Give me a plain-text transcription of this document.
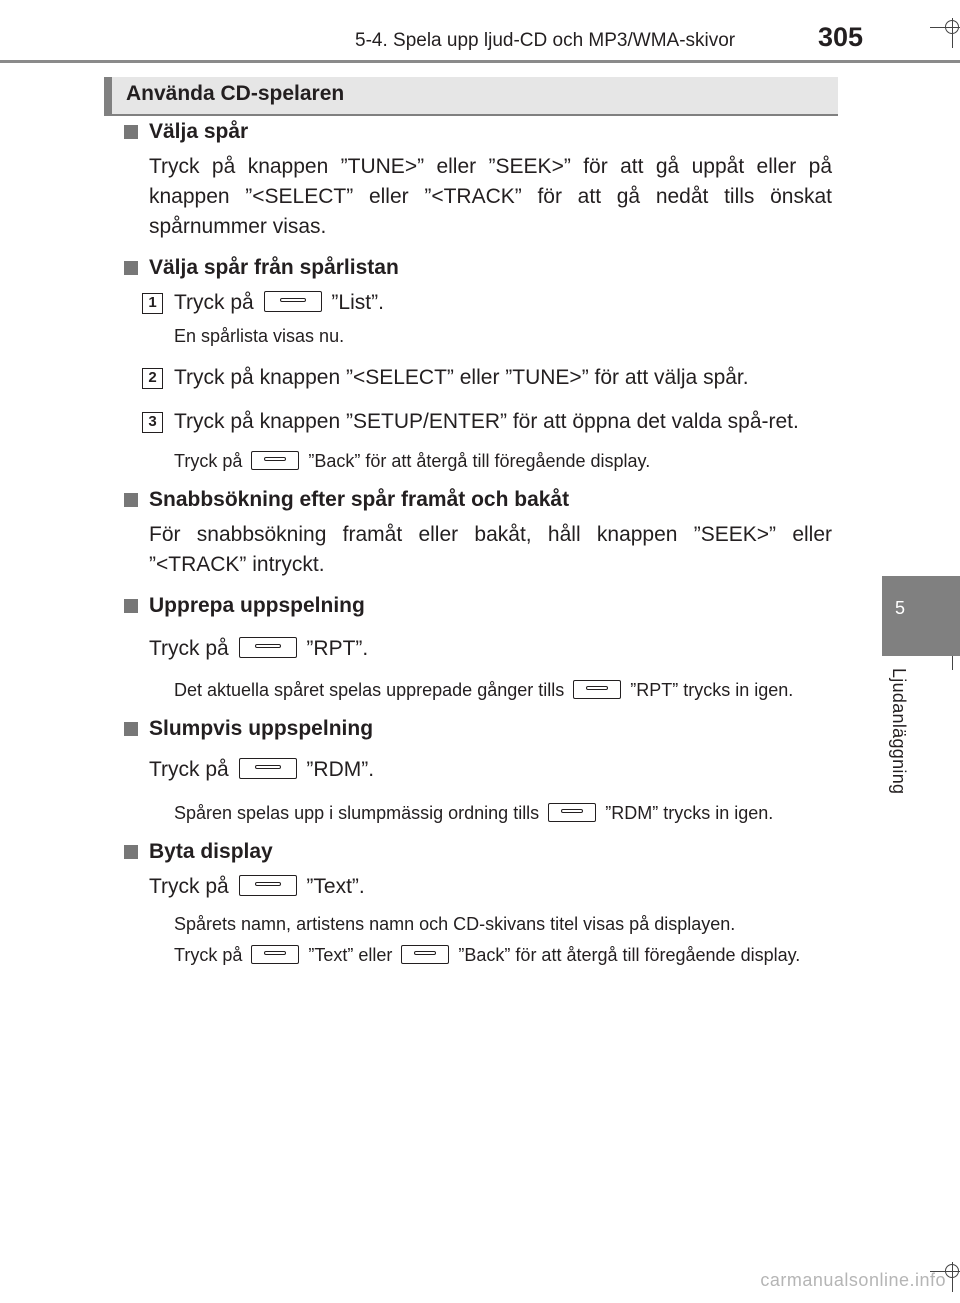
5-4. Spela upp ljud-CD och MP3/WMA-skivor	305
5
Ljudanläggning
Använda CD-spelaren
Välja spår
Tryck på knappen ”TUNE>” eller ”SEEK>” för att gå uppåt eller på knappen ”<SELECT” eller ”<TRACK” för att gå nedåt tills önskat spårnummer visas.
Välja spår från spårlistan
1 Tryck på	”List”.
En spårlista visas nu.
2 Tryck på knappen ”<SELECT” eller ”TUNE>” för att välja spår.
3 Tryck på knappen ”SETUP/ENTER” för att öppna det valda spå-ret.
Tryck på	”Back” för att återgå till föregående display.
Snabbsökning efter spår framåt och bakåt
För snabbsökning framåt eller bakåt, håll knappen ”SEEK>” eller ”<TRACK” intryckt.
Upprepa uppspelning
Tryck på	”RPT”.
Det aktuella spåret spelas upprepade gånger tills	”RPT” trycks in igen.
Slumpvis uppspelning
Tryck på	”RDM”.
Spåren spelas upp i slumpmässig ordning tills	”RDM” trycks in igen.
Byta display
Tryck på	”Text”.
Spårets namn, artistens namn och CD-skivans titel visas på displayen.
Tryck på	”Text” eller	”Back” för att återgå till föregående display.
carmanualsonline.info
